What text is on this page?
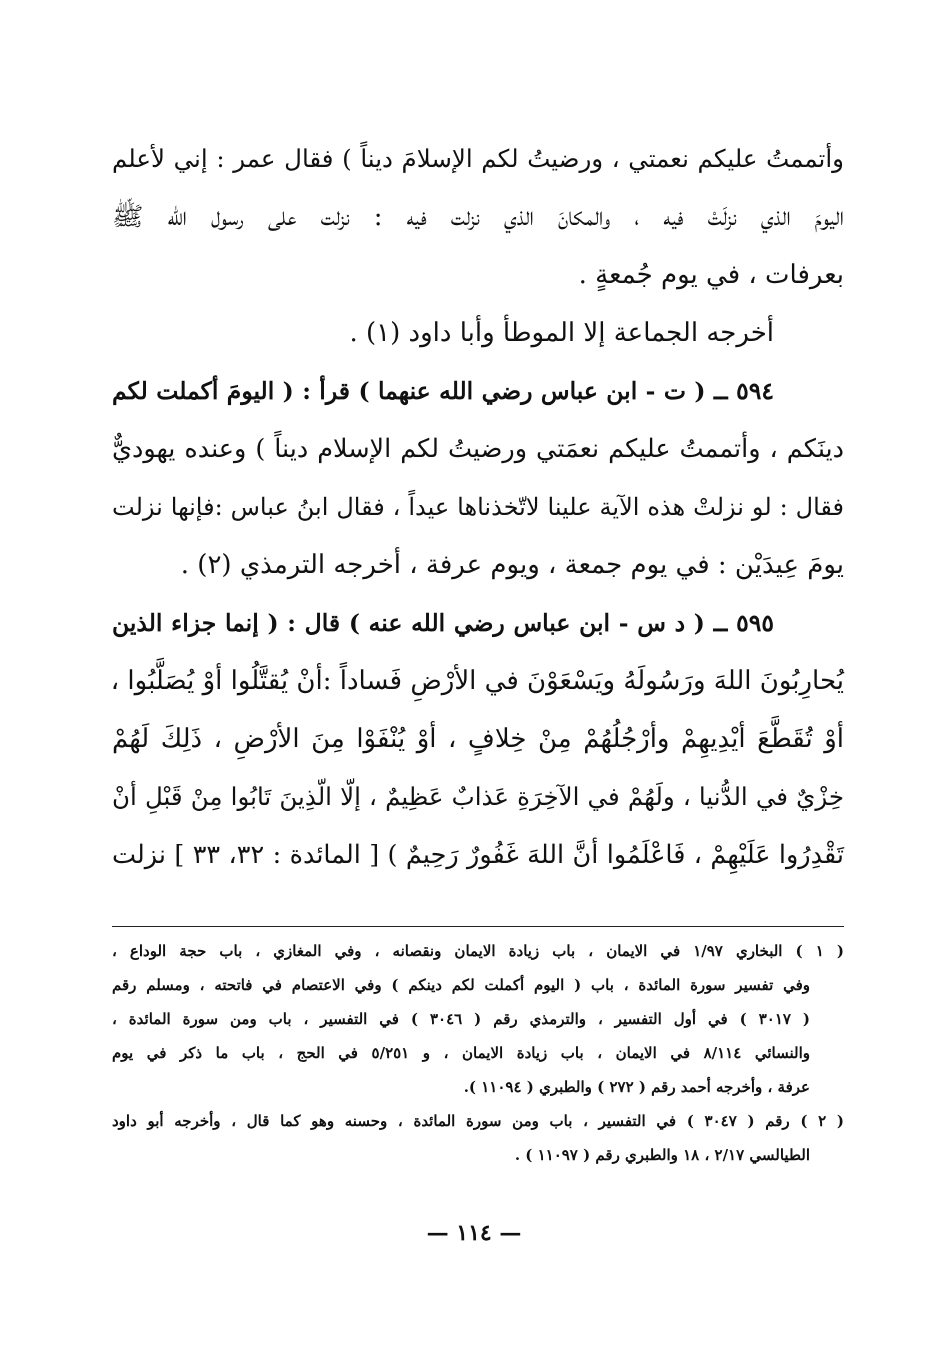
وأتممتُ عليكم نعمتي ، ورضيتُ لكم الإسلامَ ديناً ) فقال عمر : إني لأعلم
اليومَ الذي نزلَتْ فيه ، والمكانَ الذي نزلت فيه : نزلت على رسول الله ﷺ
بعرفات ، في يوم جُمعةٍ .
أخرجه الجماعة إلا الموطأ وأبا داود (١) .
٥٩٤ ــ ( ت - ابن عباس رضي الله عنهما ) قرأ : ( اليومَ أكملت لكم
دينَكم ، وأتممتُ عليكم نعمَتي ورضيتُ لكم الإسلام ديناً ) وعنده يهوديٌّ
فقال : لو نزلتْ هذه الآية علينا لاتّخذناها عيداً ، فقال ابنُ عباس :فإنها نزلت
يومَ عِيدَيْن : في يوم جمعة ، ويوم عرفة ، أخرجه الترمذي (٢) .
٥٩٥ ــ ( د س - ابن عباس رضي الله عنه ) قال : ( إنما جزاء الذين
يُحارِبُونَ اللهَ ورَسُولَهُ ويَسْعَوْنَ في الأرْضِ فَساداً :أنْ يُقتَّلُوا أوْ يُصَلَّبُوا ،
أوْ تُقَطَّعَ أيْدِيهِمْ وأرْجُلُهُمْ مِنْ خِلافٍ ، أوْ يُنْفَوْا مِنَ الأرْضِ ، ذَلِكَ لَهُمْ
خِزْيٌ في الدُّنيا ، ولَهُمْ في الآخِرَةِ عَذابٌ عَظِيمٌ ، إلّا الّذِينَ تَابُوا مِنْ قَبْلِ أنْ
تَقْدِرُوا عَلَيْهِمْ ، فَاعْلَمُوا أنَّ اللهَ غَفُورٌ رَحِيمٌ ) [ المائدة : ٣٢، ٣٣ ] نزلت
( ١ ) البخاري ١/٩٧ في الايمان ، باب زيادة الايمان ونقصانه ، وفي المغازي ، باب حجة الوداع ،
وفي تفسير سورة المائدة ، باب ( اليوم أكملت لكم دينكم ) وفي الاعتصام في فاتحته ، ومسلم رقم
( ٣٠١٧ ) في أول التفسير ، والترمذي رقم ( ٣٠٤٦ ) في التفسير ، باب ومن سورة المائدة ،
والنسائي ٨/١١٤ في الايمان ، باب زيادة الايمان ، و ٥/٢٥١ في الحج ، باب ما ذكر في يوم
عرفة ، وأخرجه أحمد رقم ( ٢٧٢ ) والطبري ( ١١٠٩٤ ).
( ٢ ) رقم ( ٣٠٤٧ ) في التفسير ، باب ومن سورة المائدة ، وحسنه وهو كما قال ، وأخرجه أبو داود
الطيالسي ٢/١٧ ، ١٨ والطبري رقم ( ١١٠٩٧ ) .
— ١١٤ —
